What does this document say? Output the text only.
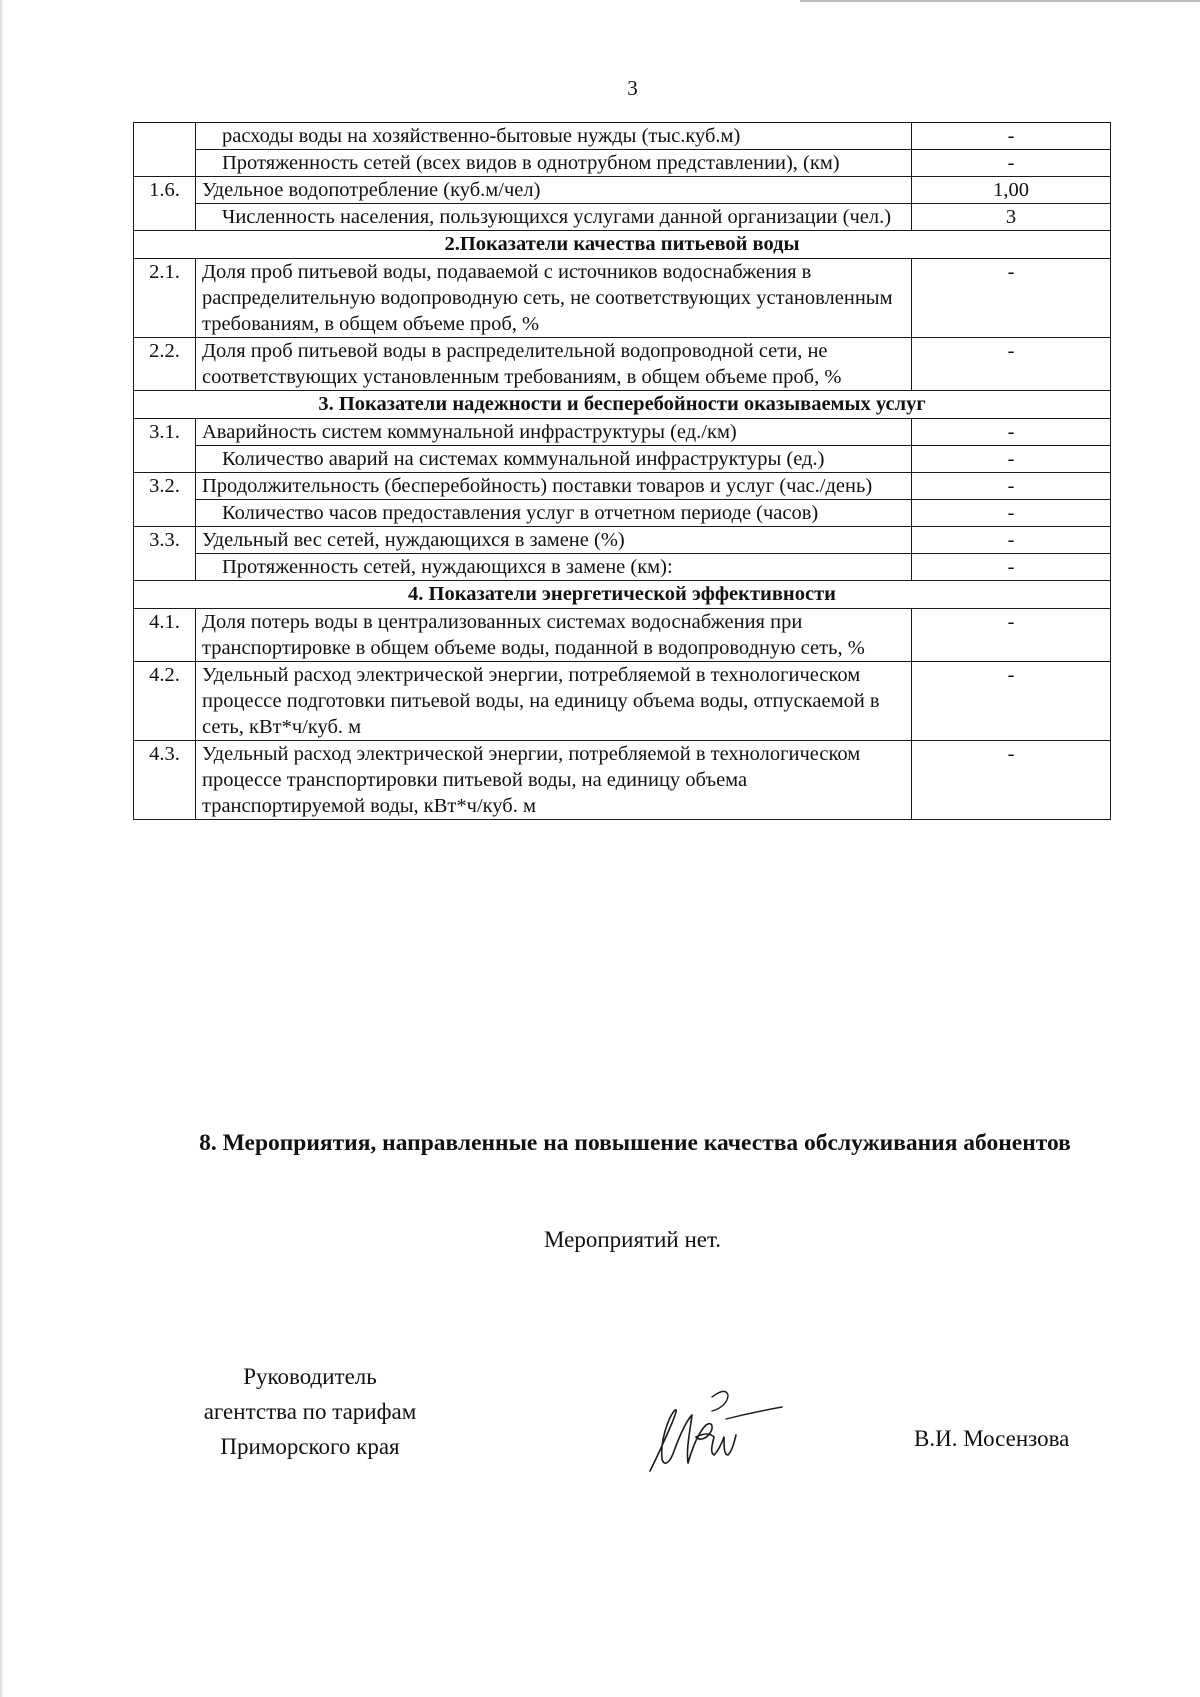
3
	расходы воды на хозяйственно-бытовые нужды (тыс.куб.м)	-
	Протяженность сетей (всех видов в однотрубном представлении), (км)	-
1.6.	Удельное водопотребление (куб.м/чел)	1,00
	Численность населения, пользующихся услугами данной организации (чел.)	3
2.Показатели качества питьевой воды		
2.1.	Доля проб питьевой воды, подаваемой с источников водоснабжения в распределительную водопроводную сеть, не соответствующих установленным требованиям, в общем объеме проб, %	-
2.2.	Доля проб питьевой воды в распределительной водопроводной сети, не соответствующих установленным требованиям, в общем объеме проб, %	-
3. Показатели надежности и бесперебойности оказываемых услуг		
3.1.	Аварийность систем коммунальной инфраструктуры (ед./км)	-
	Количество аварий на системах коммунальной инфраструктуры (ед.)	-
3.2.	Продолжительность (бесперебойность) поставки товаров и услуг (час./день)	-
	Количество часов предоставления услуг в отчетном периоде (часов)	-
3.3.	Удельный вес сетей, нуждающихся в замене (%)	-
	Протяженность сетей, нуждающихся в замене (км):	-
4. Показатели энергетической эффективности		
4.1.	Доля потерь воды в централизованных системах водоснабжения при транспортировке в общем объеме воды, поданной в водопроводную сеть, %	-
4.2.	Удельный расход электрической энергии, потребляемой в технологическом процессе подготовки питьевой воды, на единицу объема воды, отпускаемой в сеть, кВт*ч/куб. м	-
4.3.	Удельный расход электрической энергии, потребляемой в технологическом процессе транспортировки питьевой воды, на единицу объема транспортируемой воды, кВт*ч/куб. м	-
8. Мероприятия, направленные на повышение качества обслуживания абонентов
Мероприятий нет.
Руководитель
агентства по тарифам
Приморского края	В.И. Мосензова
